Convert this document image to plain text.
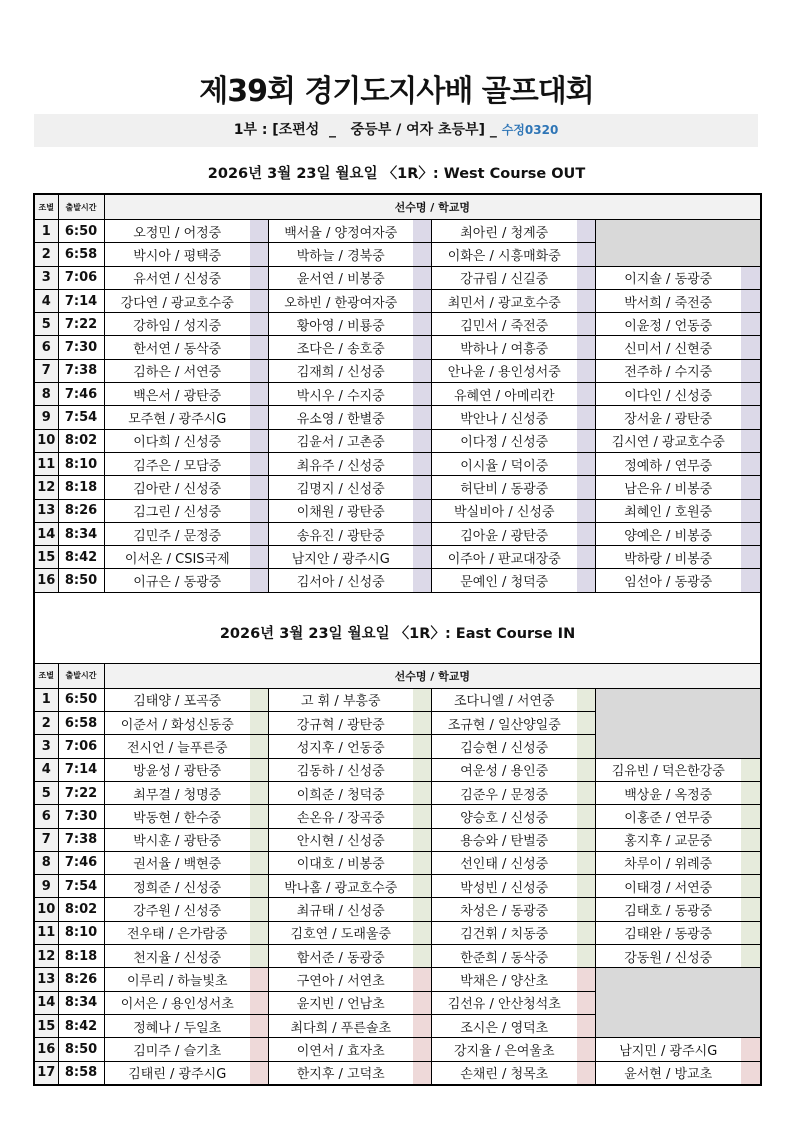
제39회 경기도지사배 골프대회
1부 : [조편성  _   중등부 / 여자 초등부] _ 수정0320
2026년 3월 23일 월요일 〈1R〉: West Course OUT
조별	출발시간	선수명 / 학교명							
1	6:50	오정민 / 어정중		백서율 / 양정여자중		최아린 / 청계중			
2	6:58	박시아 / 평택중		박하늘 / 경북중		이화은 / 시흥매화중			
3	7:06	유서연 / 신성중		윤서연 / 비봉중		강규림 / 신길중		이지솔 / 동광중	
4	7:14	강다연 / 광교호수중		오하빈 / 한광여자중		최민서 / 광교호수중		박서희 / 죽전중	
5	7:22	강하임 / 성지중		황아영 / 비룡중		김민서 / 죽전중		이윤정 / 언동중	
6	7:30	한서연 / 동삭중		조다은 / 송호중		박하나 / 여흥중		신미서 / 신현중	
7	7:38	김하은 / 서연중		김재희 / 신성중		안나윤 / 용인성서중		전주하 / 수지중	
8	7:46	백은서 / 광탄중		박시우 / 수지중		유혜연 / 아메리칸		이다인 / 신성중	
9	7:54	모주현 / 광주시G		유소영 / 한별중		박안나 / 신성중		장서윤 / 광탄중	
10	8:02	이다희 / 신성중		김윤서 / 고촌중		이다정 / 신성중		김시연 / 광교호수중	
11	8:10	김주은 / 모담중		최유주 / 신성중		이시율 / 덕이중		정예하 / 연무중	
12	8:18	김아란 / 신성중		김명지 / 신성중		허단비 / 동광중		남은유 / 비봉중	
13	8:26	김그린 / 신성중		이채원 / 광탄중		박실비아 / 신성중		최혜인 / 호원중	
14	8:34	김민주 / 문정중		송유진 / 광탄중		김아윤 / 광탄중		양예은 / 비봉중	
15	8:42	이서온 / CSIS국제		남지안 / 광주시G		이주아 / 판교대장중		박하랑 / 비봉중	
16	8:50	이규은 / 동광중		김서아 / 신성중		문예인 / 청덕중		임선아 / 동광중	
2026년 3월 23일 월요일 〈1R〉: East Course IN									
조별	출발시간	선수명 / 학교명							
1	6:50	김태양 / 포곡중		고 휘 / 부흥중		조다니엘 / 서연중			
2	6:58	이준서 / 화성신동중		강규혁 / 광탄중		조규현 / 일산양일중			
3	7:06	전시언 / 늘푸른중		성지후 / 언동중		김승현 / 신성중			
4	7:14	방윤성 / 광탄중		김동하 / 신성중		여운성 / 용인중		김유빈 / 덕은한강중	
5	7:22	최무결 / 청명중		이희준 / 청덕중		김준우 / 문정중		백상윤 / 옥정중	
6	7:30	박동현 / 한수중		손온유 / 장곡중		양승호 / 신성중		이홍준 / 연무중	
7	7:38	박시훈 / 광탄중		안시현 / 신성중		용승와 / 탄벌중		홍지후 / 교문중	
8	7:46	권서율 / 백현중		이대호 / 비봉중		선인태 / 신성중		차루이 / 위례중	
9	7:54	정희준 / 신성중		박나홈 / 광교호수중		박성빈 / 신성중		이태경 / 서연중	
10	8:02	강주원 / 신성중		최규태 / 신성중		차성은 / 동광중		김태호 / 동광중	
11	8:10	전우태 / 은가람중		김호연 / 도래울중		김건휘 / 치동중		김태완 / 동광중	
12	8:18	천지율 / 신성중		함서준 / 동광중		한준희 / 동삭중		강동원 / 신성중	
13	8:26	이루리 / 하늘빛초		구연아 / 서연초		박채은 / 양산초			
14	8:34	이서은 / 용인성서초		윤지빈 / 언남초		김선유 / 안산청석초			
15	8:42	정혜나 / 두일초		최다희 / 푸른솔초		조시은 / 영덕초			
16	8:50	김미주 / 슬기초		이연서 / 효자초		강지율 / 은여울초		남지민 / 광주시G	
17	8:58	김태린 / 광주시G		한지후 / 고덕초		손채린 / 청목초		윤서현 / 방교초	
